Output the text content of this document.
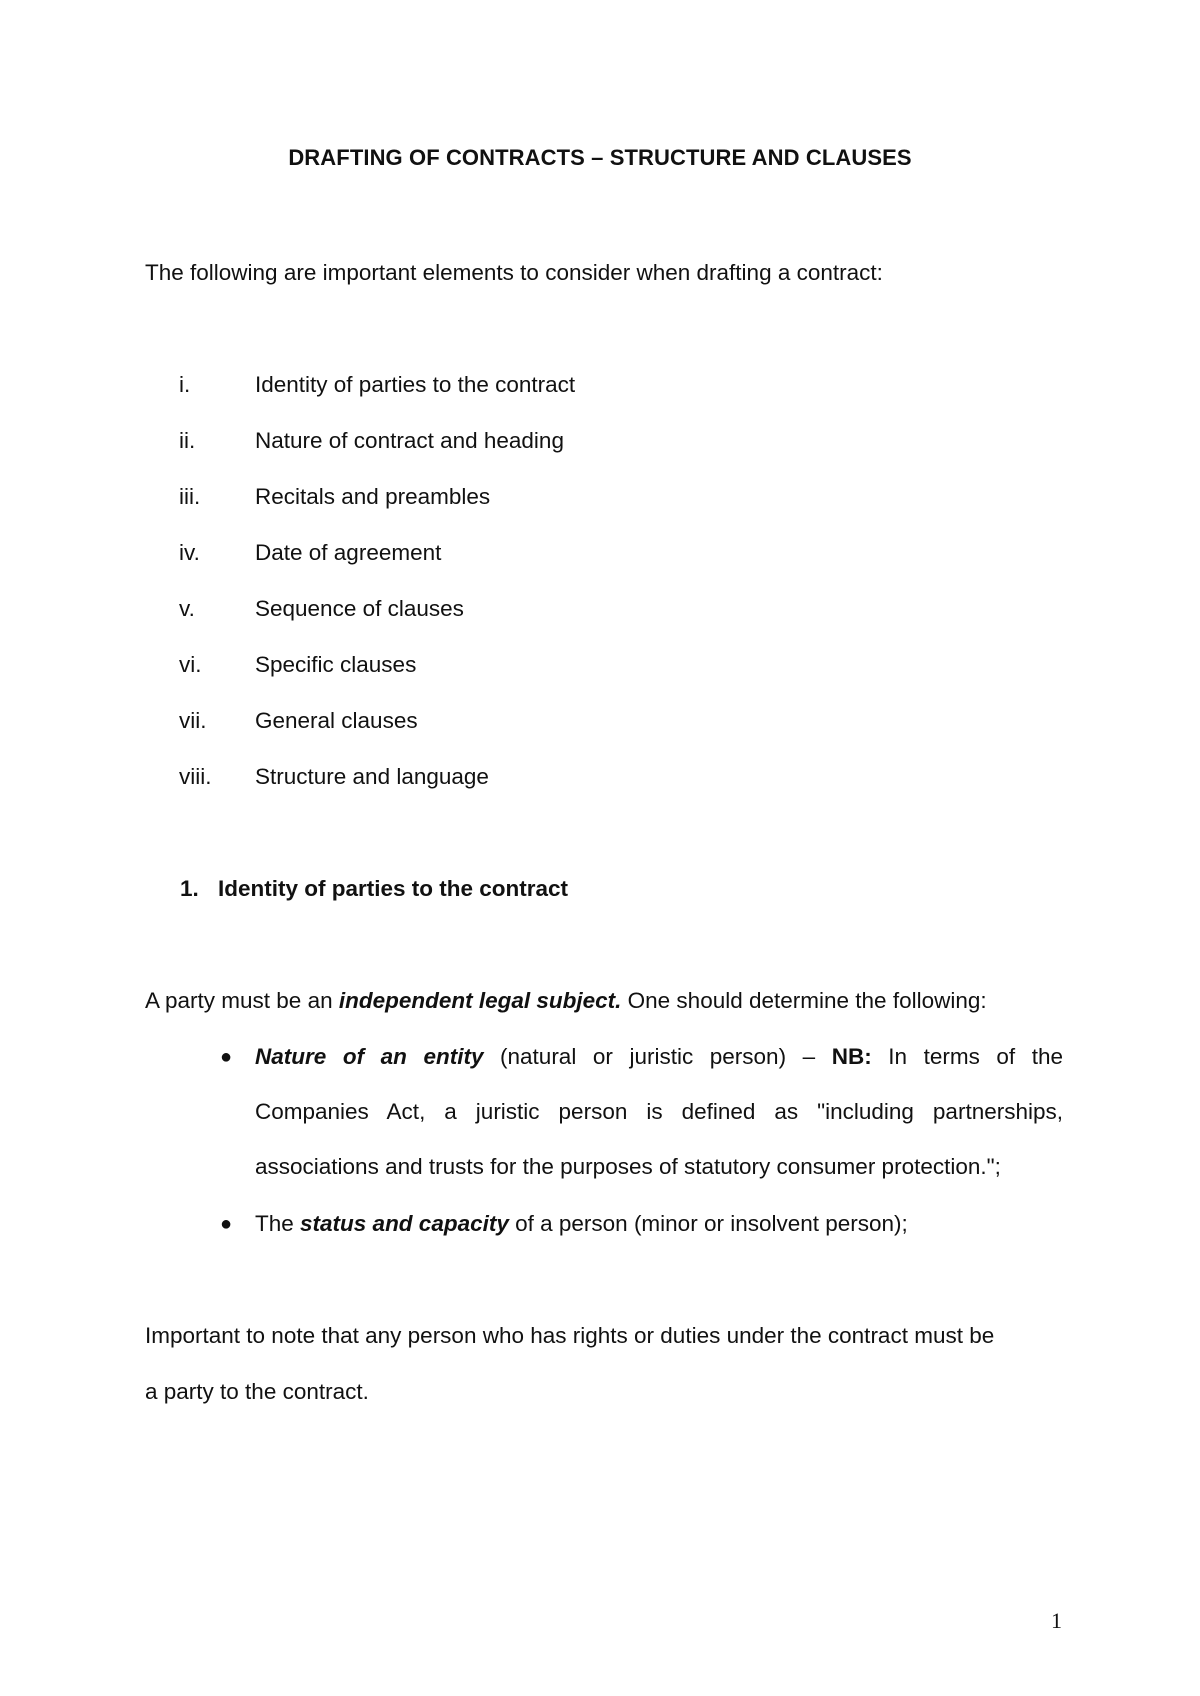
DRAFTING OF CONTRACTS – STRUCTURE AND CLAUSES
The following are important elements to consider when drafting a contract:
i.	Identity of parties to the contract
ii.	Nature of contract and heading
iii. Recitals and preambles
iv. Date of agreement
v.	Sequence of clauses
vi. Specific clauses
vii. General clauses
viii. Structure and language
1. Identity of parties to the contract
A party must be an independent legal subject. One should determine the following:
● Nature of an entity (natural or juristic person) – NB: In terms of the
Companies Act, a juristic person is defined as "including partnerships,
associations and trusts for the purposes of statutory consumer protection.";
● The status and capacity of a person (minor or insolvent person);
Important to note that any person who has rights or duties under the contract must be
a party to the contract.
1
